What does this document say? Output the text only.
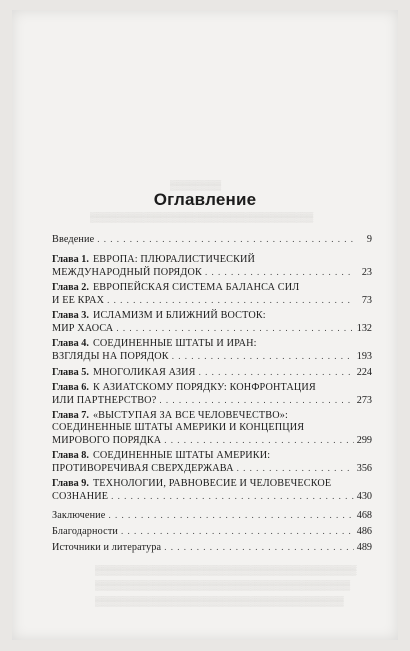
▒▒▒▒▒▒▒▒
▒▒▒▒▒▒▒▒▒▒▒▒▒▒▒▒▒▒▒▒▒▒▒▒▒▒▒▒▒▒▒▒▒▒▒
▒▒▒▒▒▒▒▒▒▒▒▒▒▒▒▒▒▒▒▒▒▒▒▒▒▒▒▒▒▒▒▒▒▒▒▒▒▒▒▒▒
▒▒▒▒▒▒▒▒▒▒▒▒▒▒▒▒▒▒▒▒▒▒▒▒▒▒▒▒▒▒▒▒▒▒▒▒▒▒▒▒
▒▒▒▒▒▒▒▒▒▒▒▒▒▒▒▒▒▒▒▒▒▒▒▒▒▒▒▒▒▒▒▒▒▒▒▒▒▒▒
Оглавление
Введение . . .	9
Глава 1. ЕВРОПА: ПЛЮРАЛИСТИЧЕСКИЙ
МЕЖДУНАРОДНЫЙ ПОРЯДОК . . .	23
Глава 2. ЕВРОПЕЙСКАЯ СИСТЕМА БАЛАНСА СИЛ
И ЕЕ КРАХ . . .	73
Глава 3. ИСЛАМИЗМ И БЛИЖНИЙ ВОСТОК:
МИР ХАОСА . . .	132
Глава 4. СОЕДИНЕННЫЕ ШТАТЫ И ИРАН:
ВЗГЛЯДЫ НА ПОРЯДОК . . .	193
Глава 5. МНОГОЛИКАЯ АЗИЯ . . .	224
Глава 6. К АЗИАТСКОМУ ПОРЯДКУ: КОНФРОНТАЦИЯ
ИЛИ ПАРТНЕРСТВО? . . .	273
Глава 7. «ВЫСТУПАЯ ЗА ВСЕ ЧЕЛОВЕЧЕСТВО»:
СОЕДИНЕННЫЕ ШТАТЫ АМЕРИКИ И КОНЦЕПЦИЯ
МИРОВОГО ПОРЯДКА . . .	299
Глава 8. СОЕДИНЕННЫЕ ШТАТЫ АМЕРИКИ:
ПРОТИВОРЕЧИВАЯ СВЕРХДЕРЖАВА . . .	356
Глава 9. ТЕХНОЛОГИИ, РАВНОВЕСИЕ И ЧЕЛОВЕЧЕСКОЕ
СОЗНАНИЕ . . .	430
Заключение . . .	468
Благодарности . . .	486
Источники и литература . . .	489
